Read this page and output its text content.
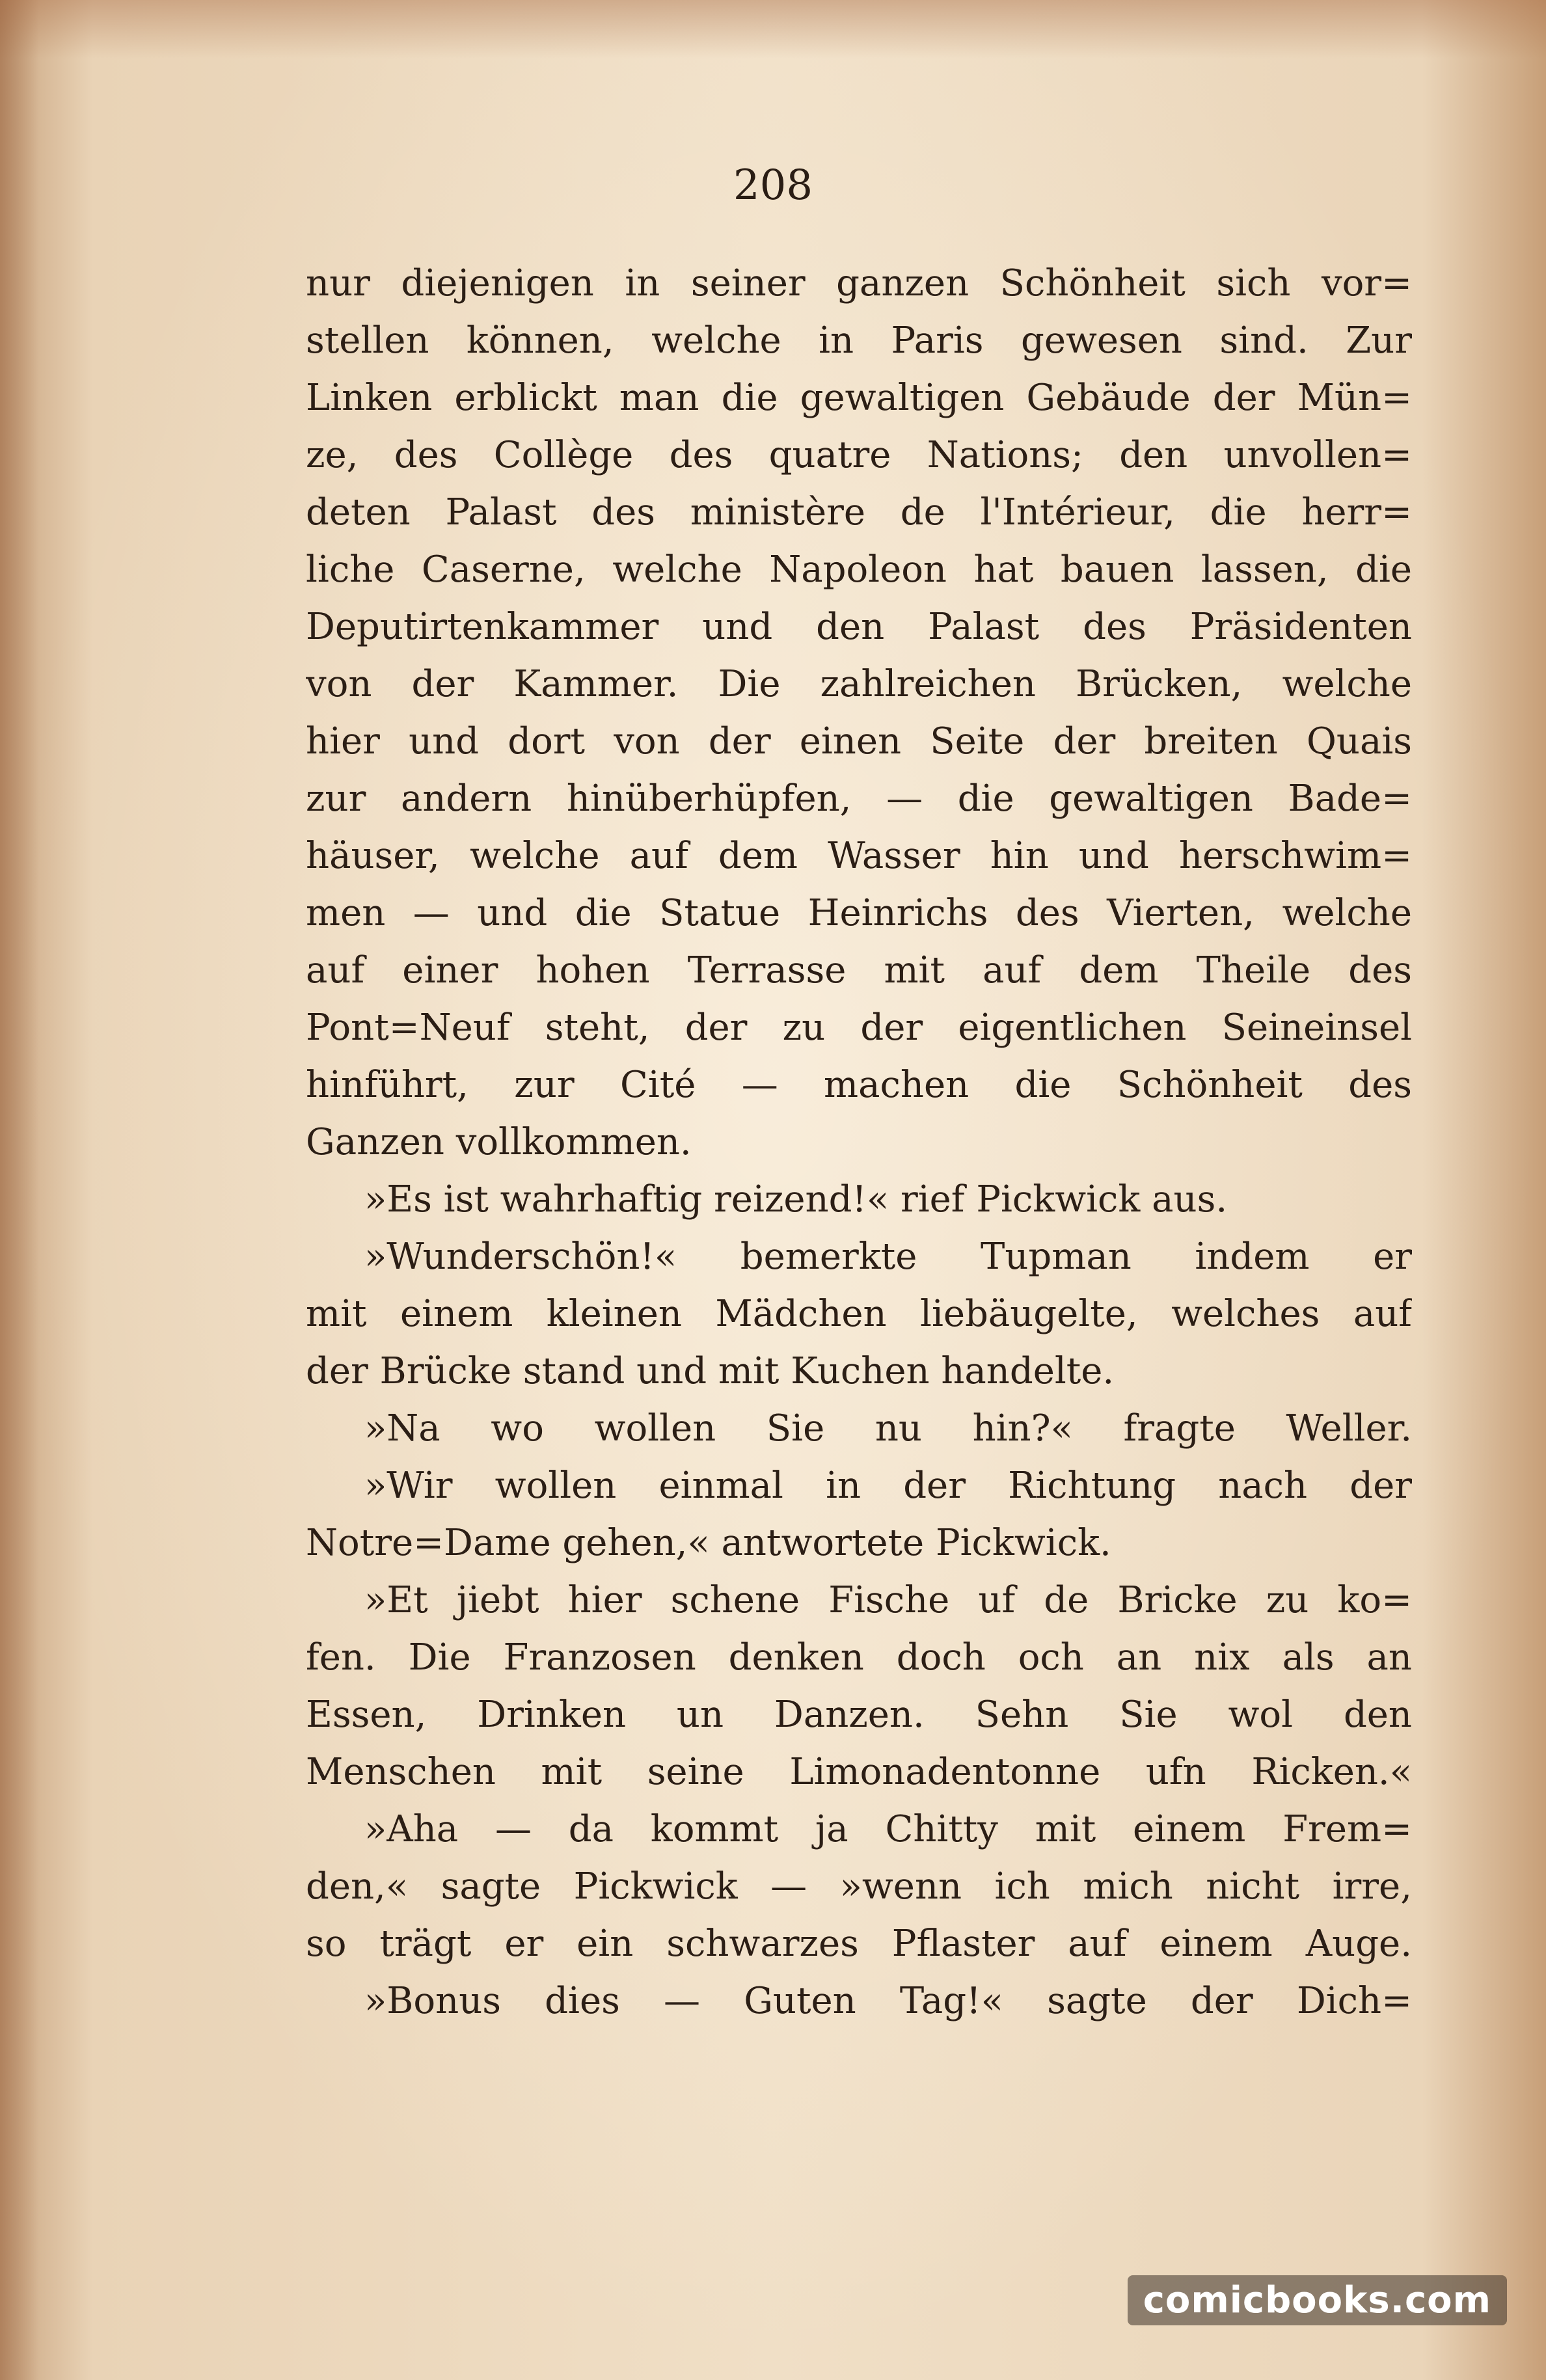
208
nur diejenigen in seiner ganzen Schönheit sich vor=
stellen können, welche in Paris gewesen sind. Zur
Linken erblickt man die gewaltigen Gebäude der Mün=
ze, des Collège des quatre Nations; den unvollen=
deten Palast des ministère de l'Intérieur, die herr=
liche Caserne, welche Napoleon hat bauen lassen, die
Deputirtenkammer und den Palast des Präsidenten
von der Kammer. Die zahlreichen Brücken, welche
hier und dort von der einen Seite der breiten Quais
zur andern hinüberhüpfen, — die gewaltigen Bade=
häuser, welche auf dem Wasser hin und herschwim=
men — und die Statue Heinrichs des Vierten, welche
auf einer hohen Terrasse mit auf dem Theile des
Pont=Neuf steht, der zu der eigentlichen Seineinsel
hinführt, zur Cité — machen die Schönheit des
Ganzen vollkommen.
»Es ist wahrhaftig reizend!« rief Pickwick aus.
»Wunderschön!« bemerkte Tupman indem er
mit einem kleinen Mädchen liebäugelte, welches auf
der Brücke stand und mit Kuchen handelte.
»Na wo wollen Sie nu hin?« fragte Weller.
»Wir wollen einmal in der Richtung nach der
Notre=Dame gehen,« antwortete Pickwick.
»Et jiebt hier schene Fische uf de Bricke zu ko=
fen. Die Franzosen denken doch och an nix als an
Essen, Drinken un Danzen. Sehn Sie wol den
Menschen mit seine Limonadentonne ufn Ricken.«
»Aha — da kommt ja Chitty mit einem Frem=
den,« sagte Pickwick — »wenn ich mich nicht irre,
so trägt er ein schwarzes Pflaster auf einem Auge.
»Bonus dies — Guten Tag!« sagte der Dich=
comicbooks.com
